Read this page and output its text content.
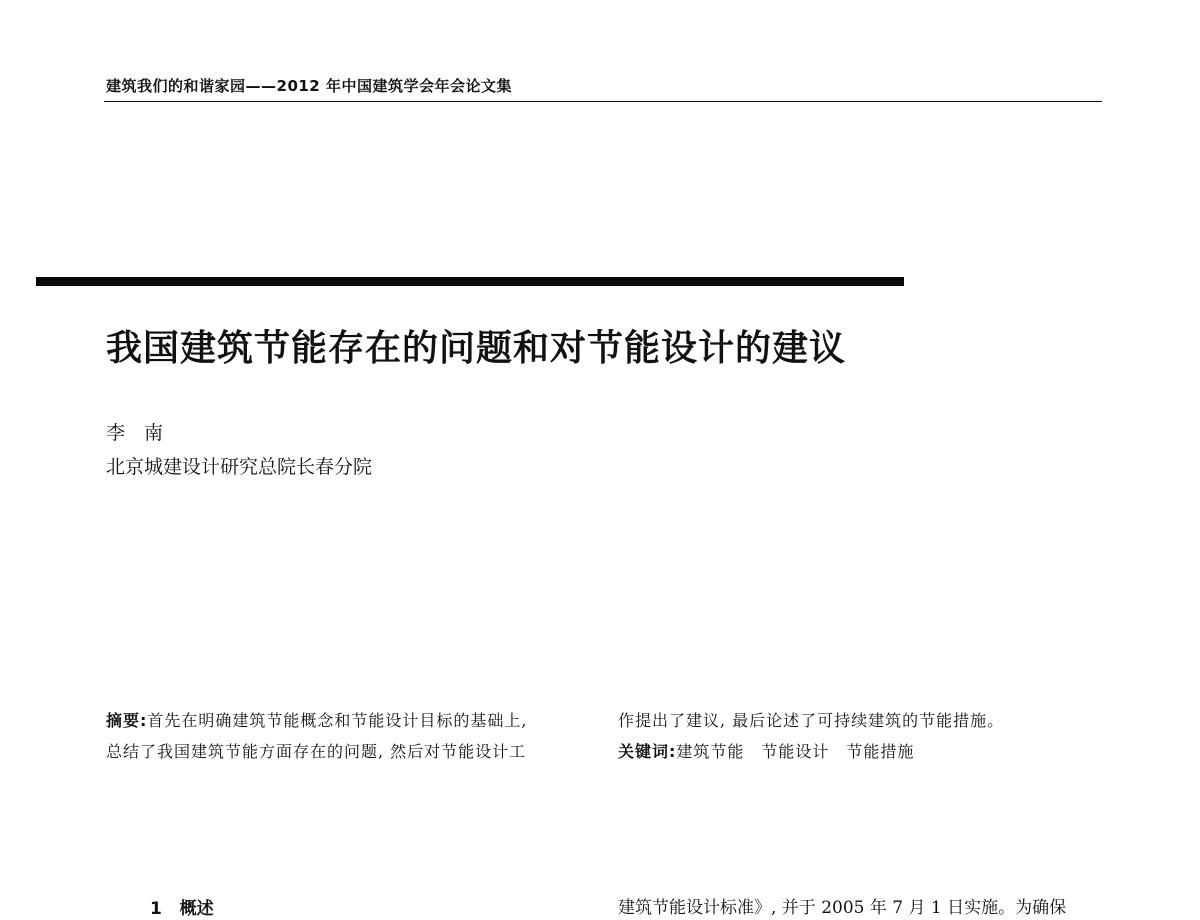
建筑我们的和谐家园——2012 年中国建筑学会年会论文集
我国建筑节能存在的问题和对节能设计的建议
李　南
北京城建设计研究总院长春分院
摘要:首先在明确建筑节能概念和节能设计目标的基础上,
总结了我国建筑节能方面存在的问题, 然后对节能设计工
作提出了建议, 最后论述了可持续建筑的节能措施。
关键词:建筑节能　节能设计　节能措施
1 概述	建筑节能设计标准》, 并于 2005 年 7 月 1 日实施。为确保
